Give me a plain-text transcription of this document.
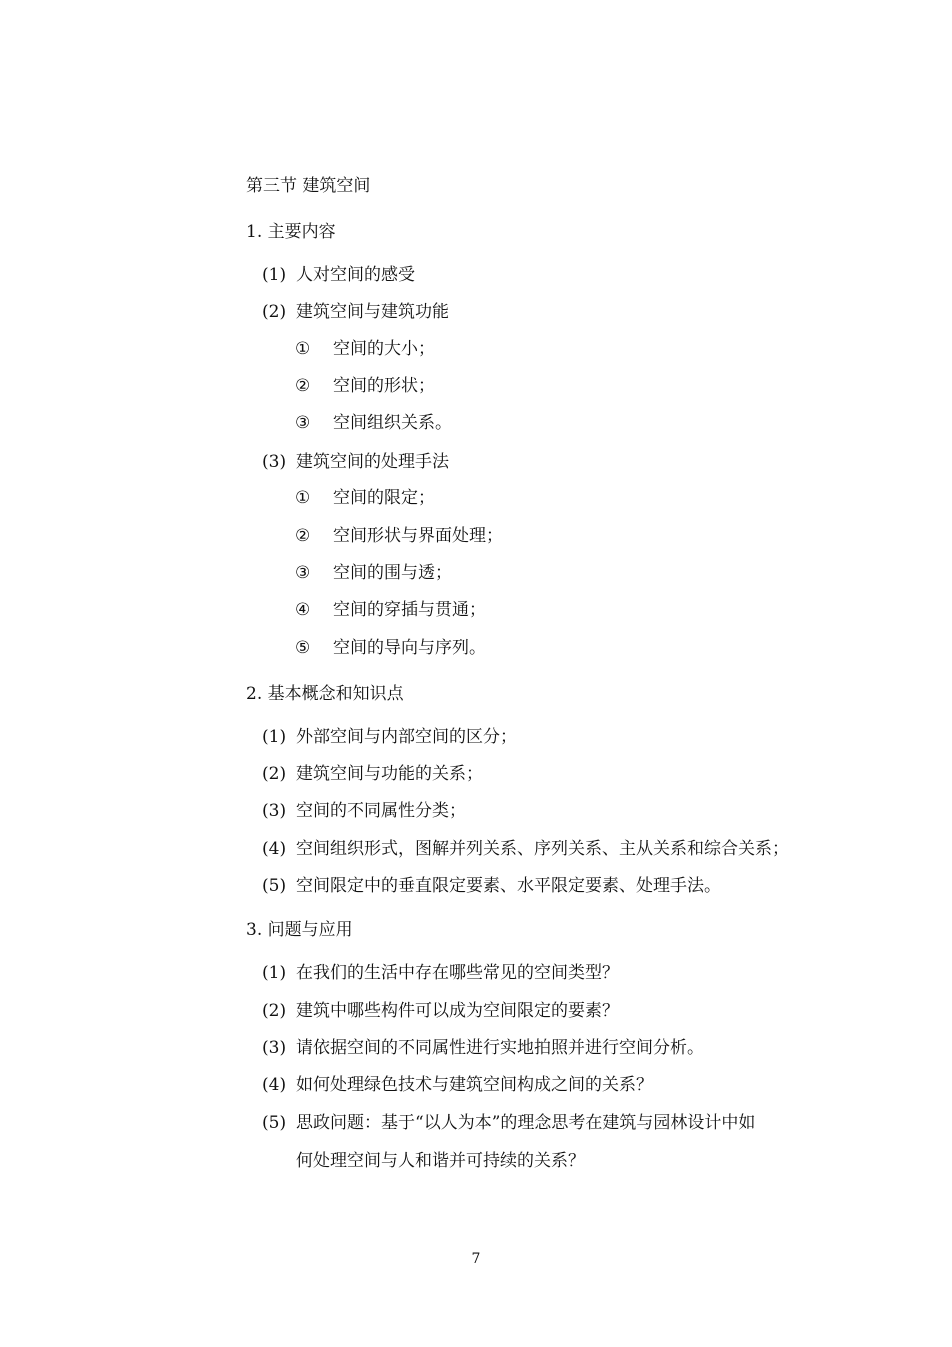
第三节 建筑空间
1. 主要内容
(1) 人对空间的感受
(2) 建筑空间与建筑功能
① 空间的大小；
② 空间的形状；
③ 空间组织关系。
(3) 建筑空间的处理手法
① 空间的限定；
② 空间形状与界面处理；
③ 空间的围与透；
④ 空间的穿插与贯通；
⑤ 空间的导向与序列。
2. 基本概念和知识点
(1) 外部空间与内部空间的区分；
(2) 建筑空间与功能的关系；
(3) 空间的不同属性分类；
(4) 空间组织形式，图解并列关系、序列关系、主从关系和综合关系；
(5) 空间限定中的垂直限定要素、水平限定要素、处理手法。
3. 问题与应用
(1) 在我们的生活中存在哪些常见的空间类型？
(2) 建筑中哪些构件可以成为空间限定的要素？
(3) 请依据空间的不同属性进行实地拍照并进行空间分析。
(4) 如何处理绿色技术与建筑空间构成之间的关系？
(5) 思政问题：基于“以人为本”的理念思考在建筑与园林设计中如
何处理空间与人和谐并可持续的关系？
7
